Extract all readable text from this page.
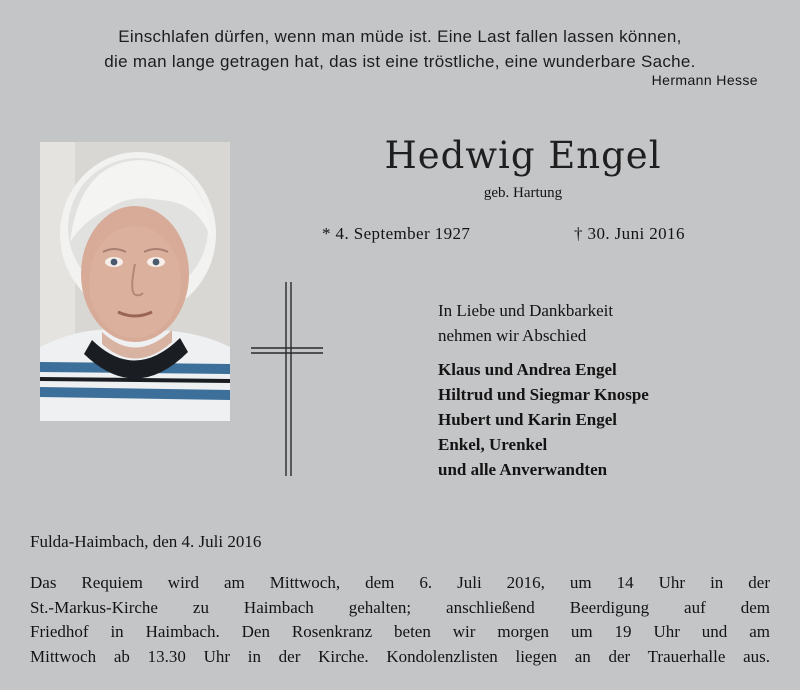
Einschlafen dürfen, wenn man müde ist. Eine Last fallen lassen können,
die man lange getragen hat, das ist eine tröstliche, eine wunderbare Sache.
Hermann Hesse
Hedwig Engel
geb. Hartung
* 4. September 1927	† 30. Juni 2016
In Liebe und Dankbarkeit
nehmen wir Abschied
Klaus und Andrea Engel
Hiltrud und Siegmar Knospe
Hubert und Karin Engel
Enkel, Urenkel
und alle Anverwandten
Fulda-Haimbach, den 4. Juli 2016
Das Requiem wird am Mittwoch, dem 6. Juli 2016, um 14 Uhr in der
St.-Markus-Kirche zu Haimbach gehalten; anschließend Beerdigung auf dem
Friedhof in Haimbach. Den Rosenkranz beten wir morgen um 19 Uhr und am
Mittwoch ab 13.30 Uhr in der Kirche. Kondolenzlisten liegen an der Trauerhalle aus.
